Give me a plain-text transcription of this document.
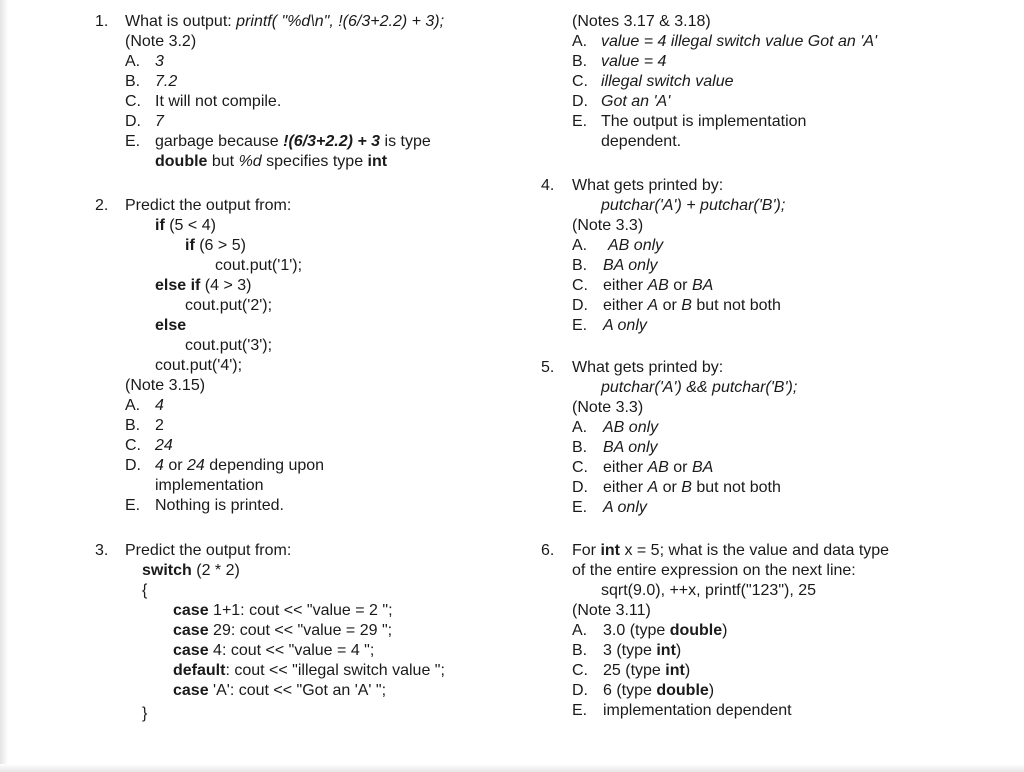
1. What is output: printf( "%d\n", !(6/3+2.2) + 3);
(Note 3.2)
A. 3
B. 7.2
C. It will not compile.
D. 7
E. garbage because !(6/3+2.2) + 3 is type
double but %d specifies type int
2. Predict the output from:
if (5 < 4)
if (6 > 5)
cout.put('1');
else if (4 > 3)
cout.put('2');
else
cout.put('3');
cout.put('4');
(Note 3.15)
A. 4
B. 2
C. 24
D. 4 or 24 depending upon
implementation
E. Nothing is printed.
3. Predict the output from:
switch (2 * 2)
{
case 1+1: cout << "value = 2 ";
case 29: cout << "value = 29 ";
case 4: cout << "value = 4 ";
default: cout << "illegal switch value ";
case 'A': cout << "Got an 'A' ";
}
(Notes 3.17 & 3.18)
A. value = 4 illegal switch value Got an 'A'
B. value = 4
C. illegal switch value
D. Got an 'A'
E. The output is implementation
dependent.
4. What gets printed by:
putchar('A') + putchar('B');
(Note 3.3)
A. AB only
B. BA only
C. either AB or BA
D. either A or B but not both
E. A only
5. What gets printed by:
putchar('A') && putchar('B');
(Note 3.3)
A. AB only
B. BA only
C. either AB or BA
D. either A or B but not both
E. A only
6. For int x = 5; what is the value and data type
of the entire expression on the next line:
sqrt(9.0), ++x, printf("123"), 25
(Note 3.11)
A. 3.0 (type double)
B. 3 (type int)
C. 25 (type int)
D. 6 (type double)
E. implementation dependent
